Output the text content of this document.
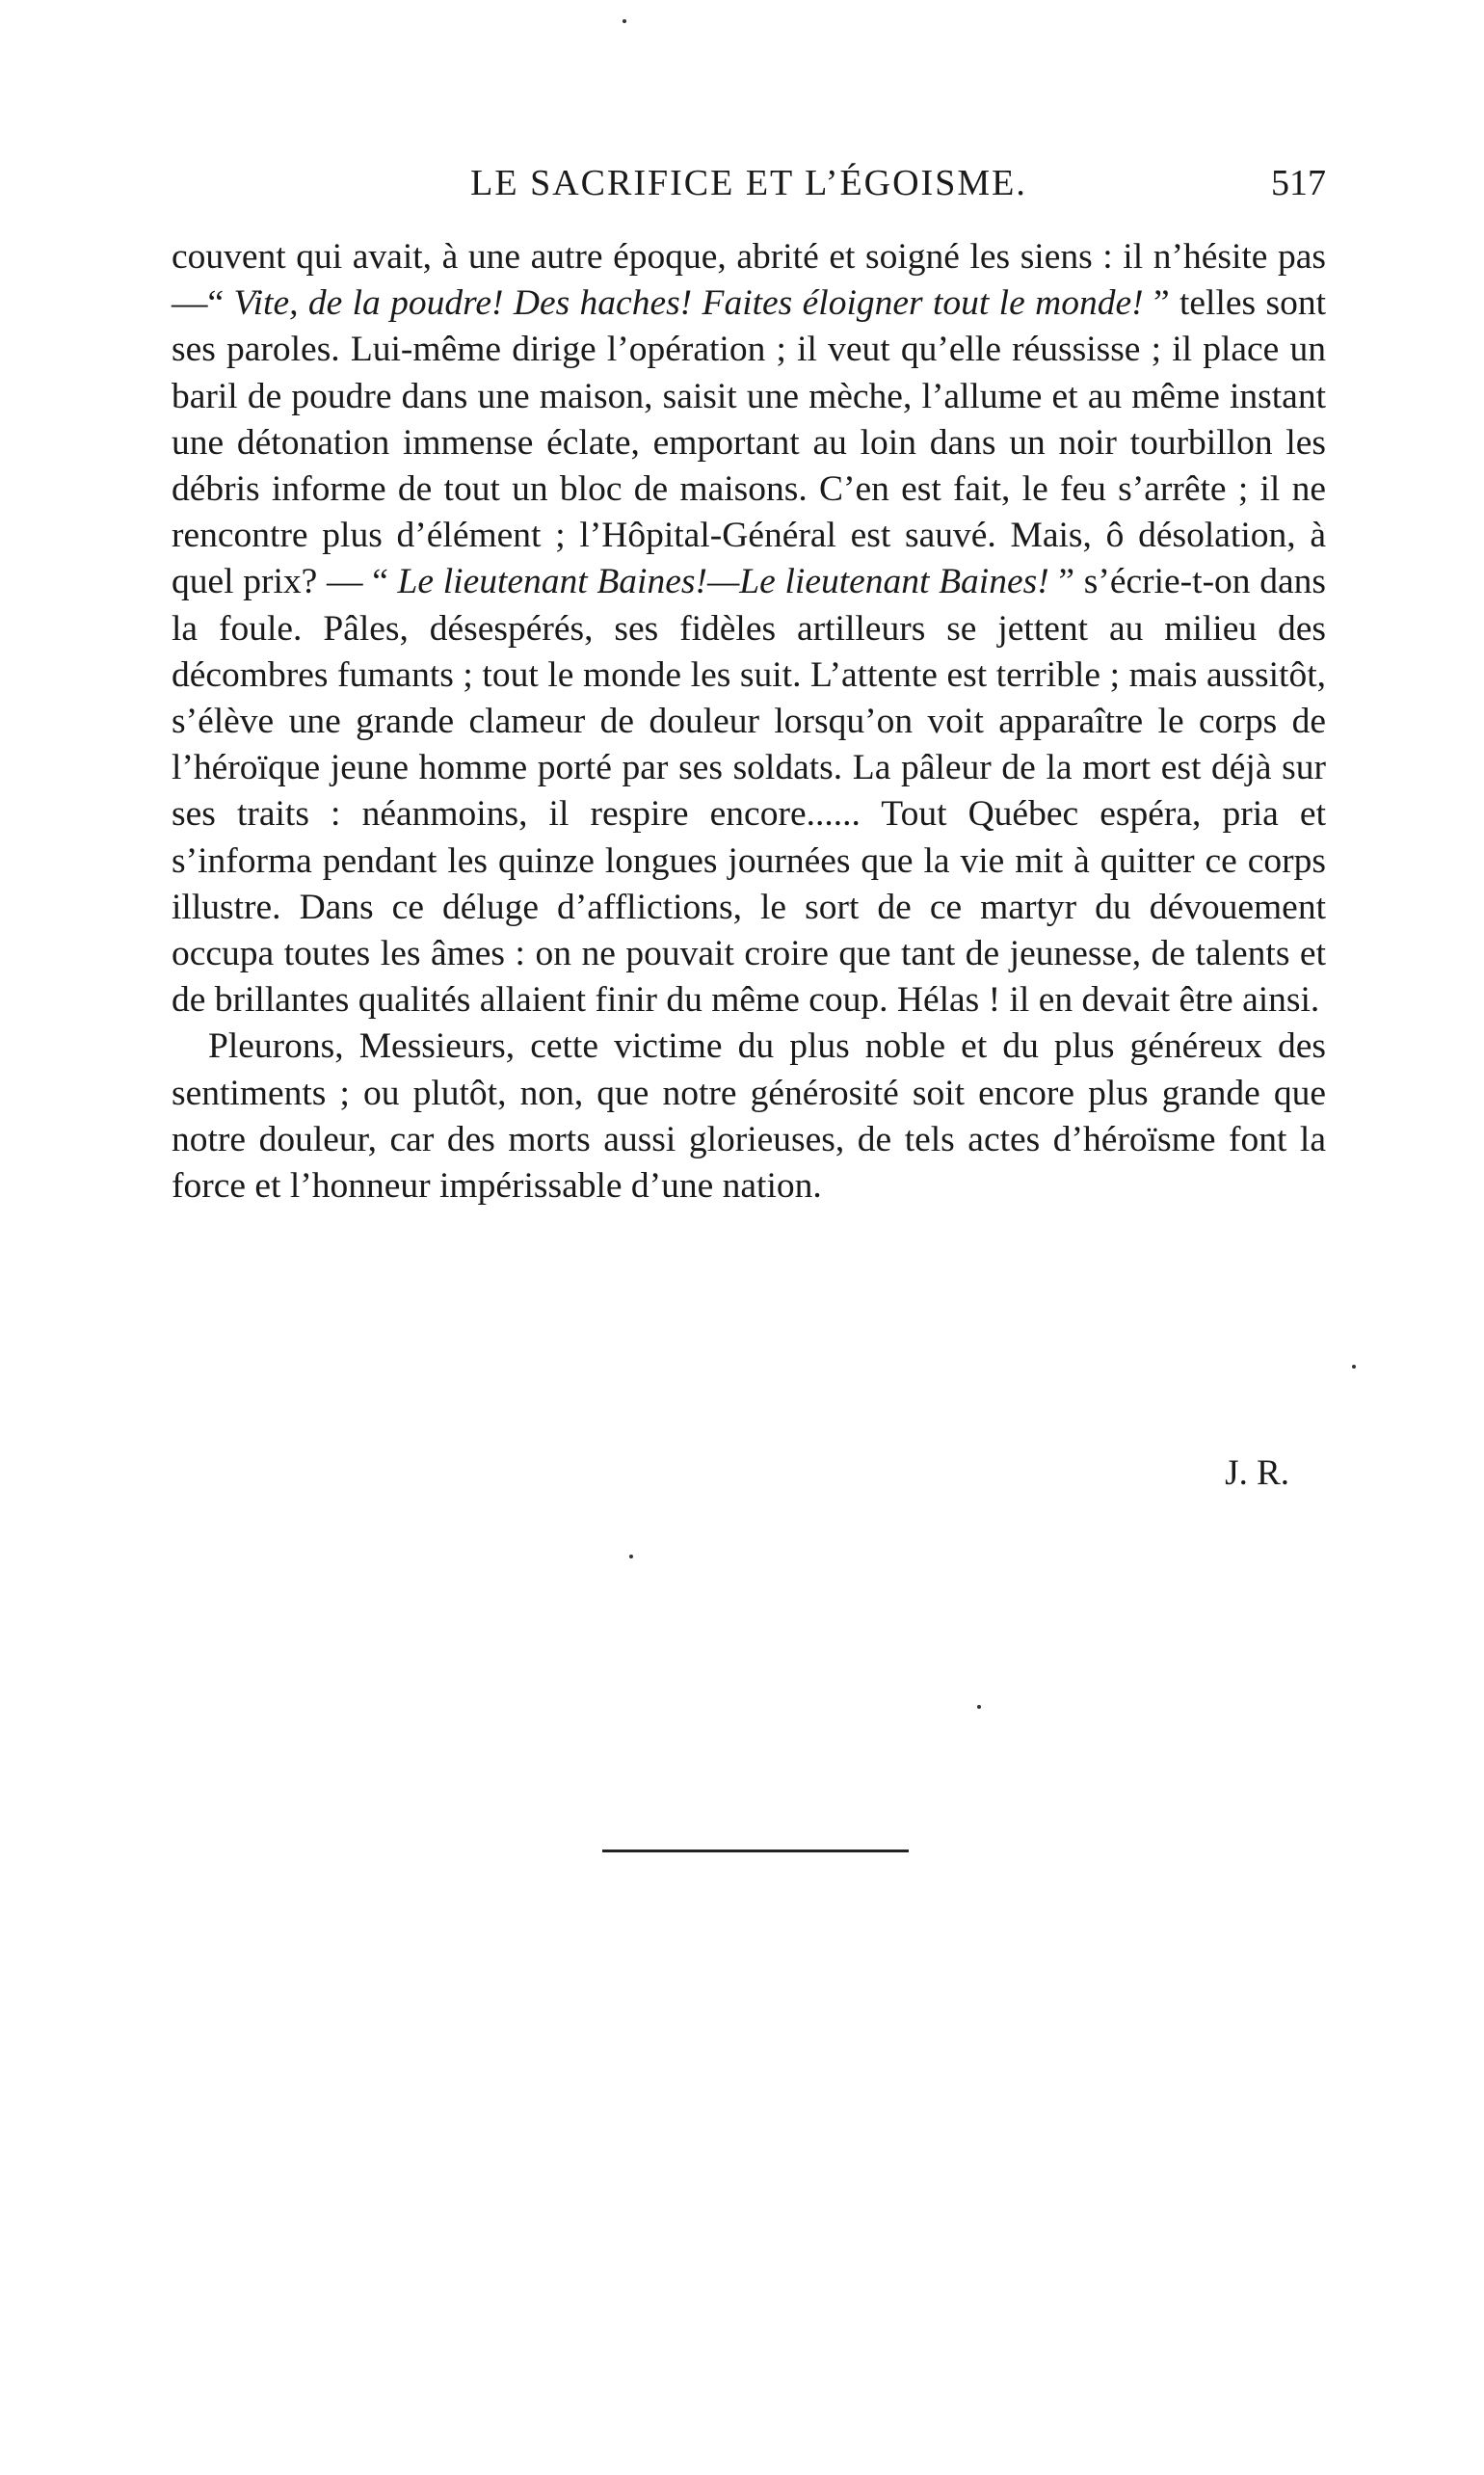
LE SACRIFICE ET L’ÉGOISME.	517

couvent qui avait, à une autre époque, abrité et soigné les siens : il n’hésite pas—“ Vite, de la poudre! Des haches! Faites éloigner tout le monde! ” telles sont ses paroles. Lui-même dirige l’opération ; il veut qu’elle réussisse ; il place un baril de poudre dans une maison, saisit une mèche, l’allume et au même instant une détonation immense éclate, emportant au loin dans un noir tourbillon les débris informe de tout un bloc de maisons. C’en est fait, le feu s’arrête ; il ne rencontre plus d’élément ; l’Hôpital-Général est sauvé. Mais, ô désolation, à quel prix? — “ Le lieutenant Baines!—Le lieutenant Baines! ” s’écrie-t-on dans la foule. Pâles, désespérés, ses fidèles artilleurs se jettent au milieu des décombres fumants ; tout le monde les suit. L’attente est terrible ; mais aussitôt, s’élève une grande clameur de douleur lorsqu’on voit apparaître le corps de l’héroïque jeune homme porté par ses soldats. La pâleur de la mort est déjà sur ses traits : néanmoins, il respire encore...... Tout Québec espéra, pria et s’informa pendant les quinze longues journées que la vie mit à quitter ce corps illustre. Dans ce déluge d’afflictions, le sort de ce martyr du dévouement occupa toutes les âmes : on ne pouvait croire que tant de jeunesse, de talents et de brillantes qualités allaient finir du même coup. Hélas ! il en devait être ainsi.

Pleurons, Messieurs, cette victime du plus noble et du plus généreux des sentiments ; ou plutôt, non, que notre générosité soit encore plus grande que notre douleur, car des morts aussi glorieuses, de tels actes d’héroïsme font la force et l’honneur impérissable d’une nation.

J. R.
